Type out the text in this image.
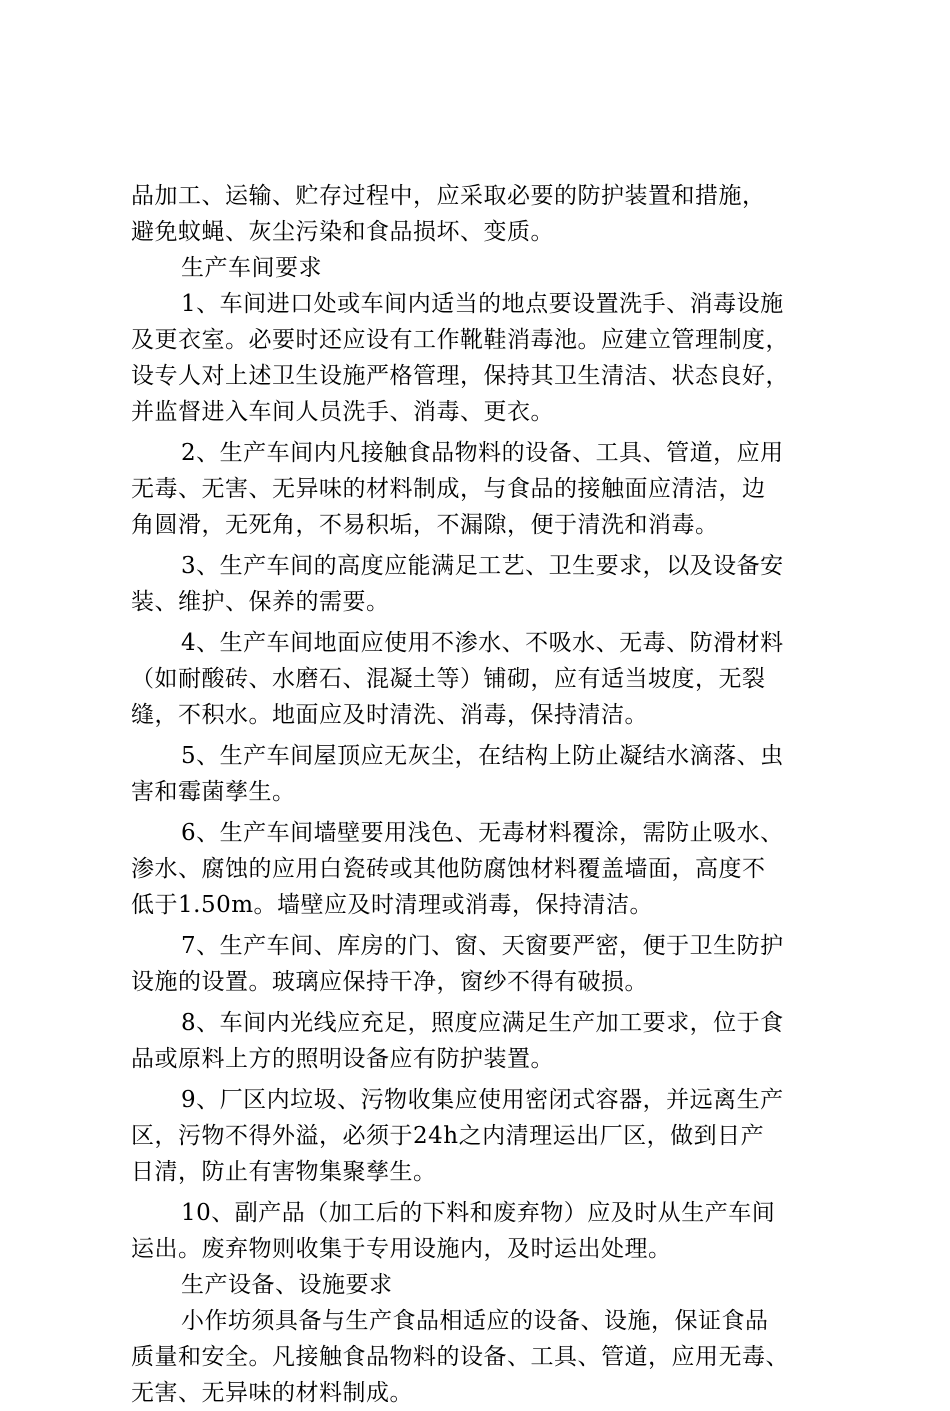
品加工、运输、贮存过程中，应采取必要的防护装置和措施，
避免蚊蝇、灰尘污染和食品损坏、变质。
生产车间要求
1、车间进口处或车间内适当的地点要设置洗手、消毒设施
及更衣室。必要时还应设有工作靴鞋消毒池。应建立管理制度，
设专人对上述卫生设施严格管理，保持其卫生清洁、状态良好，
并监督进入车间人员洗手、消毒、更衣。
2、生产车间内凡接触食品物料的设备、工具、管道，应用
无毒、无害、无异味的材料制成，与食品的接触面应清洁，边
角圆滑，无死角，不易积垢，不漏隙，便于清洗和消毒。
3、生产车间的高度应能满足工艺、卫生要求，以及设备安
装、维护、保养的需要。
4、生产车间地面应使用不渗水、不吸水、无毒、防滑材料
（如耐酸砖、水磨石、混凝土等）铺砌，应有适当坡度，无裂
缝，不积水。地面应及时清洗、消毒，保持清洁。
5、生产车间屋顶应无灰尘，在结构上防止凝结水滴落、虫
害和霉菌孳生。
6、生产车间墙壁要用浅色、无毒材料覆涂，需防止吸水、
渗水、腐蚀的应用白瓷砖或其他防腐蚀材料覆盖墙面，高度不
低于1.50m。墙壁应及时清理或消毒，保持清洁。
7、生产车间、库房的门、窗、天窗要严密，便于卫生防护
设施的设置。玻璃应保持干净，窗纱不得有破损。
8、车间内光线应充足，照度应满足生产加工要求，位于食
品或原料上方的照明设备应有防护装置。
9、厂区内垃圾、污物收集应使用密闭式容器，并远离生产
区，污物不得外溢，必须于24h之内清理运出厂区，做到日产
日清，防止有害物集聚孳生。
10、副产品（加工后的下料和废弃物）应及时从生产车间
运出。废弃物则收集于专用设施内，及时运出处理。
生产设备、设施要求
小作坊须具备与生产食品相适应的设备、设施，保证食品
质量和安全。凡接触食品物料的设备、工具、管道，应用无毒、
无害、无异味的材料制成。
